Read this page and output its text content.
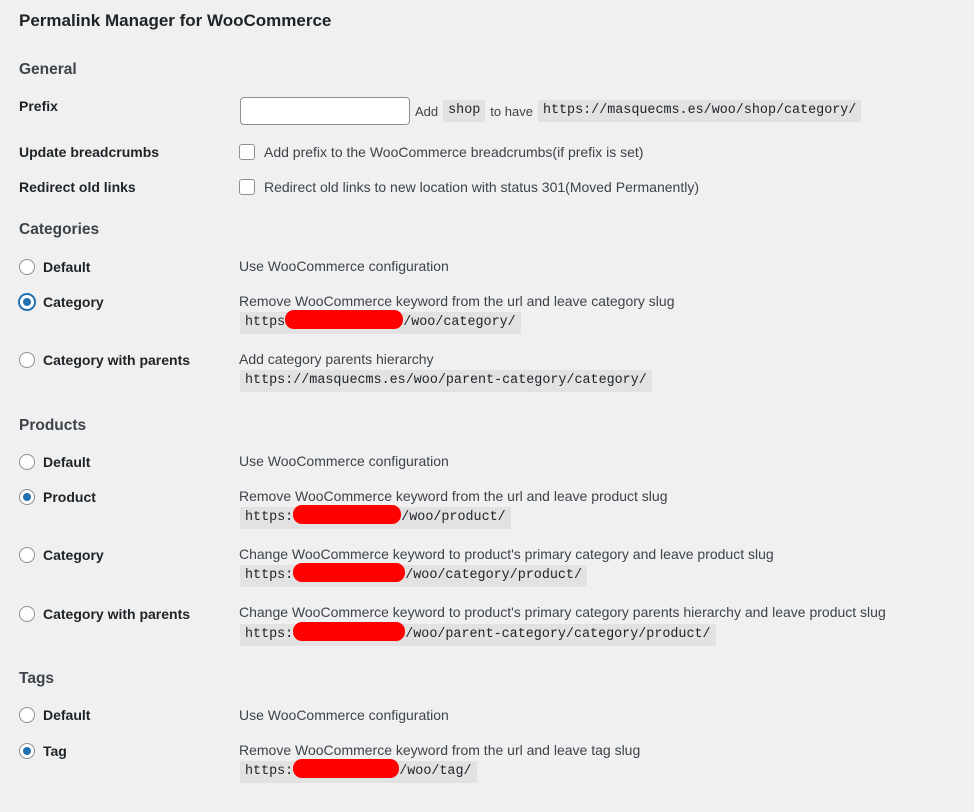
Permalink Manager for WooCommerce
General
Prefix	Add shop to have https://masquecms.es/woo/shop/category/
Update breadcrumbs	Add prefix to the WooCommerce breadcrumbs(if prefix is set)
Redirect old links	Redirect old links to new location with status 301(Moved Permanently)
Categories
Default	Use WooCommerce configuration
Category	Remove WooCommerce keyword from the url and leave category slug
https	/woo/category/
Category with parents	Add category parents hierarchy
https://masquecms.es/woo/parent-category/category/
Products
Default	Use WooCommerce configuration
Product	Remove WooCommerce keyword from the url and leave product slug
https:	/woo/product/
Category	Change WooCommerce keyword to product's primary category and leave product slug
https:	/woo/category/product/
Category with parents	Change WooCommerce keyword to product's primary category parents hierarchy and leave product slug
https:	/woo/parent-category/category/product/
Tags
Default	Use WooCommerce configuration
Tag	Remove WooCommerce keyword from the url and leave tag slug
https:	/woo/tag/
